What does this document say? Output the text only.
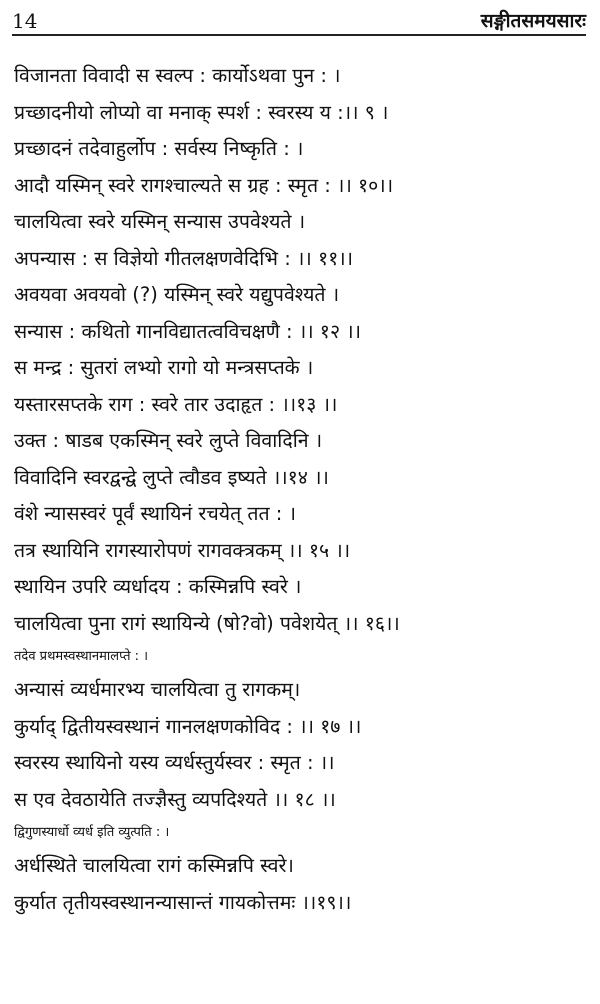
14	सङ्गीतसमयसारः
विजानता विवादी स स्वल्प : कार्योऽथवा पुन : ।
प्रच्छादनीयो लोप्यो वा मनाक् स्पर्श : स्वरस्य य :।। ९ ।
प्रच्छादनं तदेवाहुर्लोप : सर्वस्य निष्कृति : ।
आदौ यस्मिन् स्वरे रागश्चाल्यते स ग्रह : स्मृत : ।। १०।।
चालयित्वा स्वरे यस्मिन् सन्यास उपवेश्यते ।
अपन्यास : स विज्ञेयो गीतलक्षणवेदिभि : ।। ११।।
अवयवा अवयवो (?) यस्मिन् स्वरे यद्युपवेश्यते ।
सन्यास : कथितो गानविद्यातत्वविचक्षणै : ।। १२ ।।
स मन्द्र : सुतरां लभ्यो रागो यो मन्त्रसप्तके ।
यस्तारसप्तके राग : स्वरे तार उदाहृत : ।।१३ ।।
उक्त : षाडब एकस्मिन् स्वरे लुप्ते विवादिनि ।
विवादिनि स्वरद्वन्द्वे लुप्ते त्वौडव इष्यते ।।१४ ।।
वंशे न्यासस्वरं पूर्वं स्थायिनं रचयेत् तत : ।
तत्र स्थायिनि रागस्यारोपणं रागवक्त्रकम् ।। १५ ।।
स्थायिन उपरि व्यर्धादय : कस्मिन्नपि स्वरे ।
चालयित्वा पुना रागं स्थायिन्ये (षो?वो) पवेशयेत् ।। १६।।
तदेव प्रथमस्वस्थानमालप्ते : ।
अन्यासं व्यर्धमारभ्य चालयित्वा तु रागकम्।
कुर्याद् द्वितीयस्वस्थानं गानलक्षणकोविद : ।। १७ ।।
स्वरस्य स्थायिनो यस्य व्यर्धस्तुर्यस्वर : स्मृत : ।।
स एव देवठायेति तज्ज्ञैस्तु व्यपदिश्यते ।। १८ ।।
द्विगुणस्यार्धो व्यर्ध इति व्युत्पति : ।
अर्धस्थिते चालयित्वा रागं कस्मिन्नपि स्वरे।
कुर्यात तृतीयस्वस्थानन्यासान्तं गायकोत्तमः ।।१९।।
